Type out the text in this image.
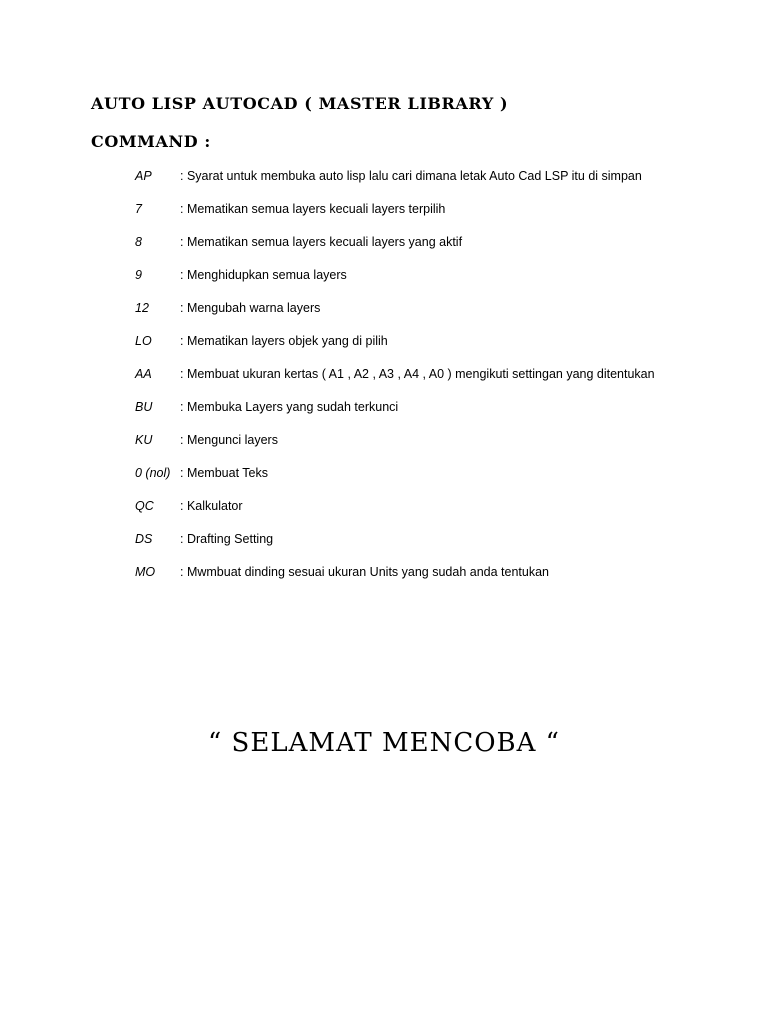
AUTO LISP AUTOCAD ( MASTER LIBRARY )
COMMAND :
AP : Syarat untuk membuka auto lisp lalu cari dimana letak Auto Cad LSP itu di simpan
7	: Mematikan semua layers kecuali layers terpilih
8	: Mematikan semua layers kecuali layers yang aktif
9	: Menghidupkan semua layers
12 : Mengubah warna layers
LO : Mematikan layers objek yang di pilih
AA : Membuat ukuran kertas ( A1 , A2 , A3 , A4 , A0 ) mengikuti settingan yang ditentukan
BU : Membuka Layers yang sudah terkunci
KU : Mengunci layers
0 (nol) : Membuat Teks
QC : Kalkulator
DS : Drafting Setting
MO : Mwmbuat dinding sesuai ukuran Units yang sudah anda tentukan

“ SELAMAT MENCOBA “
